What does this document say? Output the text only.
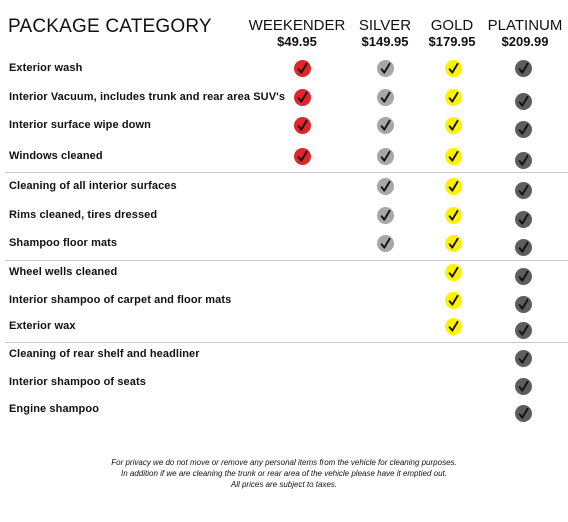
PACKAGE CATEGORY	WEEKENDER
$49.95
SILVER
$149.95
GOLD
$179.95
PLATINUM
$209.99
Exterior wash
Interior Vacuum, includes trunk and rear area SUV's
Interior surface wipe down
Windows cleaned
Cleaning of all interior surfaces
Rims cleaned, tires dressed
Shampoo floor mats
Wheel wells cleaned
Interior shampoo of carpet and floor mats
Exterior wax
Cleaning of rear shelf and headliner
Interior shampoo of seats
Engine shampoo
For privacy we do not move or remove any personal items from the vehicle for cleaning purposes.
In addition if we are cleaning the trunk or rear area of the vehicle please have it emptied out.
All prices are subject to taxes.
